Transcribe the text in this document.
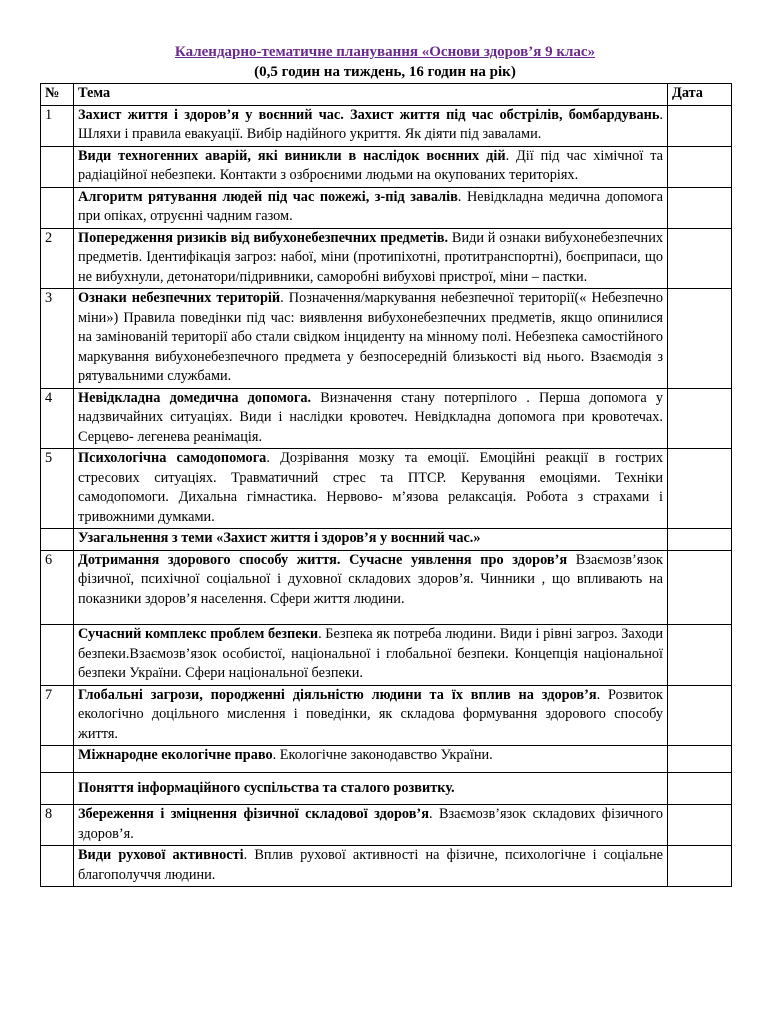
Календарно-тематичне планування «Основи здоров’я 9 клас»
(0,5 годин на тиждень, 16 годин на рік)
№	Тема	Дата
1	Захист життя і здоров’я у воєнний час. Захист життя під час обстрілів, бомбардувань. Шляхи і правила евакуації. Вибір надійного укриття. Як діяти під завалами.	
	Види техногенних аварій, які виникли в наслідок воєнних дій. Дії під час хімічної та радіаційної небезпеки. Контакти з озброєними людьми на окупованих територіях.	
	Алгоритм рятування людей під час пожежі, з-під завалів. Невідкладна медична допомога при опіках, отруєнні чадним газом.	
2	Попередження ризиків від вибухонебезпечних предметів. Види й ознаки вибухонебезпечних предметів. Ідентифікація загроз: набої, міни (протипіхотні, протитранспортні), боєприпаси, що не вибухнули, детонатори/підривники, саморобні вибухові пристрої, міни – пастки.	
3	Ознаки небезпечних територій. Позначення/маркування небезпечної території(« Небезпечно міни») Правила поведінки під час: виявлення вибухонебезпечних предметів, якщо опинилися на замінованій території або стали свідком інциденту на мінному полі. Небезпека самостійного маркування вибухонебезпечного предмета у безпосередній близькості від нього. Взаємодія з рятувальними службами.	
4	Невідкладна домедична допомога. Визначення стану потерпілого . Перша допомога у надзвичайних ситуаціях. Види і наслідки кровотеч. Невідкладна допомога при кровотечах. Серцево- легенева реанімація.	
5	Психологічна самодопомога. Дозрівання мозку та емоції. Емоційні реакції в гострих стресових ситуаціях. Травматичний стрес та ПТСР. Керування емоціями. Техніки самодопомоги. Дихальна гімнастика. Нервово- м’язова релаксація. Робота з страхами і тривожними думками.	
	Узагальнення з теми «Захист життя і здоров’я у воєнний час.»	
6	Дотримання здорового способу життя. Сучасне уявлення про здоров’я Взаємозв’язок фізичної, психічної соціальної і духовної складових здоров’я. Чинники , що впливають на показники здоров’я населення. Сфери життя людини.	
	Сучасний комплекс проблем безпеки. Безпека як потреба людини. Види і рівні загроз. Заходи безпеки.Взаємозв’язок особистої, національної і глобальної безпеки. Концепція національної безпеки України. Сфери національної безпеки.	
7	Глобальні загрози, породженні діяльністю людини та їх вплив на здоров’я. Розвиток екологічно доцільного мислення і поведінки, як складова формування здорового способу життя.	
	Міжнародне екологічне право. Екологічне законодавство України.	
	Поняття інформаційного суспільства та сталого розвитку.	
8	Збереження і зміцнення фізичної складової здоров’я. Взаємозв’язок складових фізичного здоров’я.	
	Види рухової активності. Вплив рухової активності на фізичне, психологічне і соціальне благополуччя людини.	
